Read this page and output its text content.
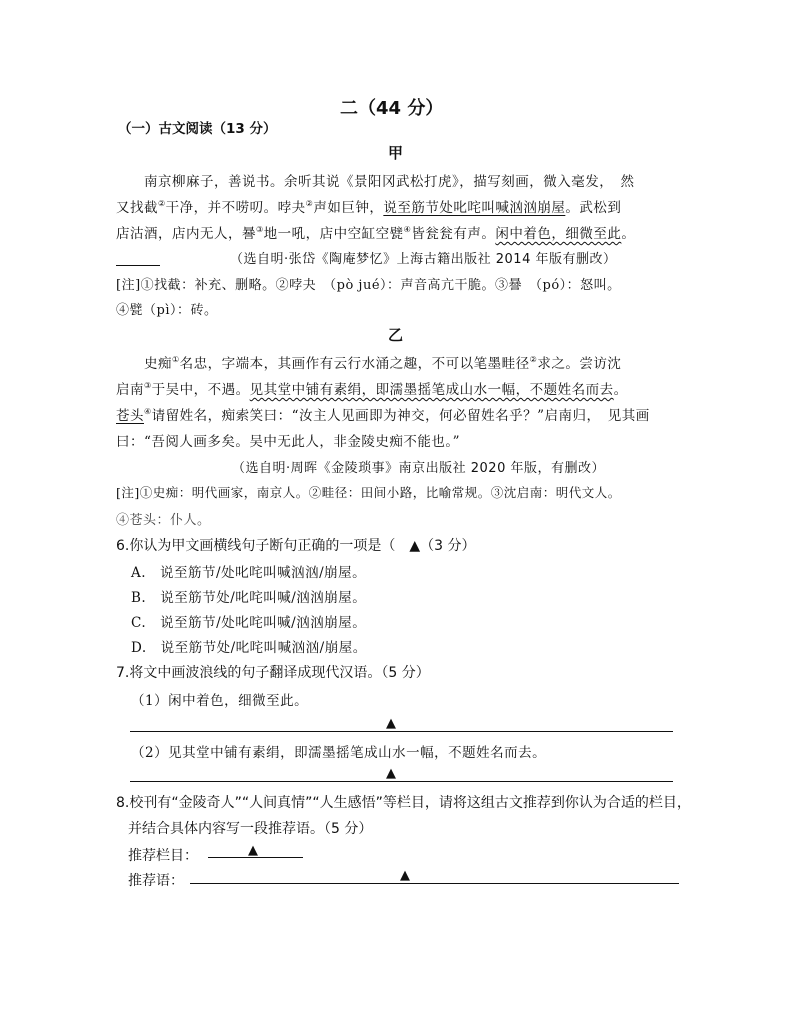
二（44 分）
（一）古文阅读（13 分）
甲
南京柳麻子，善说书。余听其说《景阳冈武松打虎》，描写刻画，微入毫发，　然
又找截②干净，并不唠叨。哱夬②声如巨钟，说至筋节处叱咤叫喊汹汹崩屋。武松到
店沽酒，店内无人，謈③地一吼，店中空缸空甓④皆瓮瓮有声。闲中着色，细微至此。
（选自明·张岱《陶庵梦忆》上海古籍出版社 2014 年版有删改）
[注]①找截：补充、删略。②哱夬　（pò jué）：声音高亢干脆。③謈　（pó）：怒叫。
④甓（pì）：砖。
乙
史痴①名忠，字端本，其画作有云行水涌之趣，不可以笔墨畦径②求之。尝访沈
启南③于吴中，不遇。见其堂中铺有素绢，即濡墨摇笔成山水一幅，不题姓名而去。
苍头④请留姓名，痴索笑曰：“汝主人见画即为神交，何必留姓名乎？”启南归，　见其画
曰：“吾阅人画多矣。吴中无此人，非金陵史痴不能也。”
（选自明·周晖《金陵琐事》南京出版社 2020 年版，有删改）
[注]①史痴：明代画家，南京人。②畦径：田间小路，比喻常规。③沈启南：明代文人。
④苍头：仆人。
6.你认为甲文画横线句子断句正确的一项是（　▲（3 分）
A.　说至筋节/处叱咤叫喊汹汹/崩屋。
B.　说至筋节处/叱咤叫喊/汹汹崩屋。
C.　说至筋节/处叱咤叫喊/汹汹崩屋。
D.　说至筋节处/叱咤叫喊汹汹/崩屋。
7.将文中画波浪线的句子翻译成现代汉语。（5 分）
（1）闲中着色，细微至此。
▲
（2）见其堂中铺有素绢，即濡墨摇笔成山水一幅，不题姓名而去。
▲
8.校刊有“金陵奇人”“人间真情”“人生感悟”等栏目，请将这组古文推荐到你认为合适的栏目，
并结合具体内容写一段推荐语。（5 分）
推荐栏目：	▲
推荐语：	▲
